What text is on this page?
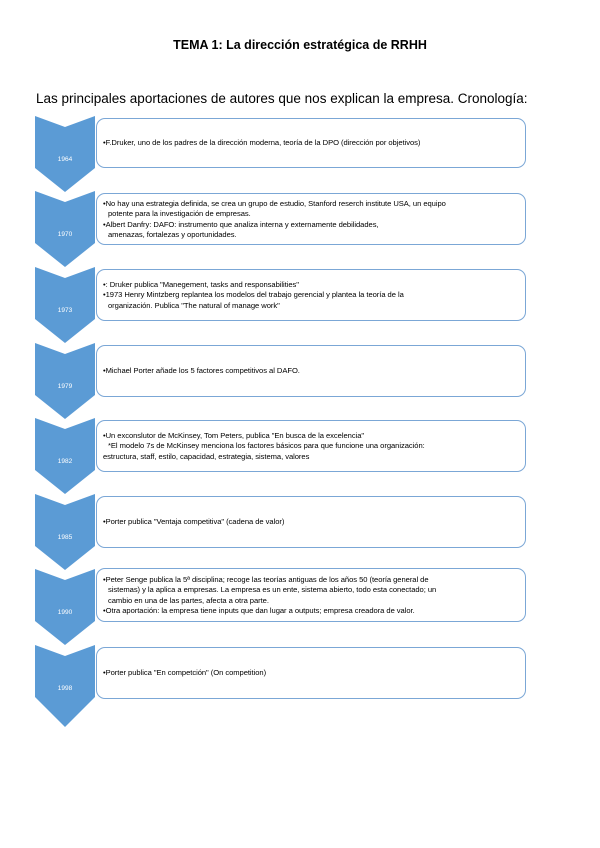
TEMA 1: La dirección estratégica de RRHH
Las principales aportaciones de autores que nos explican la empresa. Cronología:
1964
•F.Druker, uno de los padres de la dirección moderna, teoría de la DPO (dirección por objetivos)
1970
•No hay una estrategia definida, se crea un grupo de estudio, Stanford reserch institute USA, un equipo
potente para la investigación de empresas.
•Albert Danfry: DAFO: instrumento que analiza interna y externamente debilidades,
amenazas, fortalezas y oportunidades.
1973
•: Druker publica "Manegement, tasks and responsabilities"
•1973 Henry Mintzberg replantea los modelos del trabajo gerencial y plantea la teoría de la
organización. Publica "The natural of manage work"
1979
•Michael Porter añade los 5 factores competitivos al DAFO.
1982
•Un exconslutor de McKinsey, Tom Peters, publica "En busca de la excelencia"
*El modelo 7s de McKinsey menciona los factores básicos para que funcione una organización:
estructura, staff, estilo, capacidad, estrategia, sistema, valores
1985
•Porter publica "Ventaja competitiva" (cadena de valor)
1990
•Peter Senge publica la 5ª disciplina; recoge las teorías antiguas de los años 50 (teoría general de
sistemas) y la aplica a empresas. La empresa es un ente, sistema abierto, todo esta conectado; un
cambio en una de las partes, afecta a otra parte.
•Otra aportación: la empresa tiene inputs que dan lugar a outputs; empresa creadora de valor.
1998
•Porter publica "En competción" (On competition)
